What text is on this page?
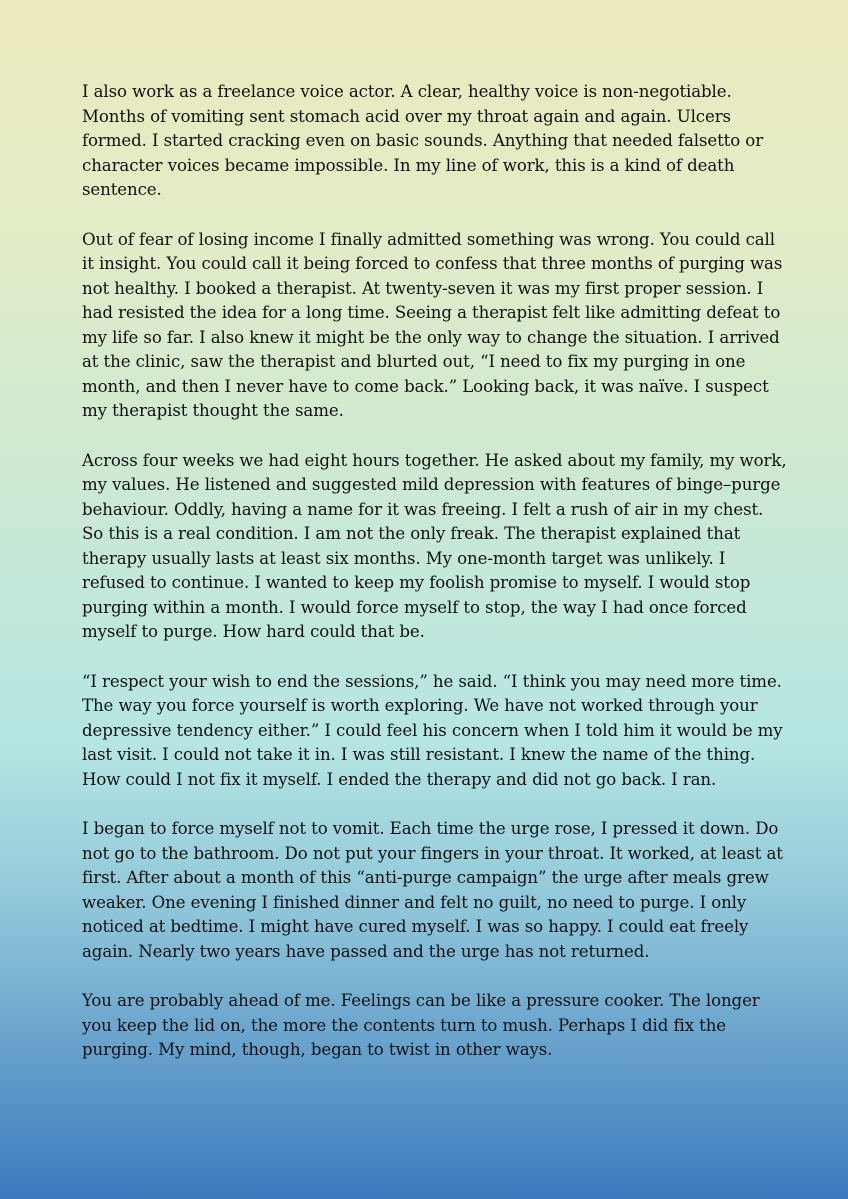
I also work as a freelance voice actor. A clear, healthy voice is non-negotiable. Months of vomiting sent stomach acid over my throat again and again. Ulcers formed. I started cracking even on basic sounds. Anything that needed falsetto or character voices became impossible. In my line of work, this is a kind of death sentence.

Out of fear of losing income I finally admitted something was wrong. You could call it insight. You could call it being forced to confess that three months of purging was not healthy. I booked a therapist. At twenty-seven it was my first proper session. I had resisted the idea for a long time. Seeing a therapist felt like admitting defeat to my life so far. I also knew it might be the only way to change the situation. I arrived at the clinic, saw the therapist and blurted out, “I need to fix my purging in one month, and then I never have to come back.” Looking back, it was naïve. I suspect my therapist thought the same.

Across four weeks we had eight hours together. He asked about my family, my work, my values. He listened and suggested mild depression with features of binge–purge behaviour. Oddly, having a name for it was freeing. I felt a rush of air in my chest. So this is a real condition. I am not the only freak. The therapist explained that therapy usually lasts at least six months. My one-month target was unlikely. I refused to continue. I wanted to keep my foolish promise to myself. I would stop purging within a month. I would force myself to stop, the way I had once forced myself to purge. How hard could that be.

“I respect your wish to end the sessions,” he said. “I think you may need more time. The way you force yourself is worth exploring. We have not worked through your depressive tendency either.” I could feel his concern when I told him it would be my last visit. I could not take it in. I was still resistant. I knew the name of the thing. How could I not fix it myself. I ended the therapy and did not go back. I ran.

I began to force myself not to vomit. Each time the urge rose, I pressed it down. Do not go to the bathroom. Do not put your fingers in your throat. It worked, at least at first. After about a month of this “anti-purge campaign” the urge after meals grew weaker. One evening I finished dinner and felt no guilt, no need to purge. I only noticed at bedtime. I might have cured myself. I was so happy. I could eat freely again. Nearly two years have passed and the urge has not returned.

You are probably ahead of me. Feelings can be like a pressure cooker. The longer you keep the lid on, the more the contents turn to mush. Perhaps I did fix the purging. My mind, though, began to twist in other ways.
